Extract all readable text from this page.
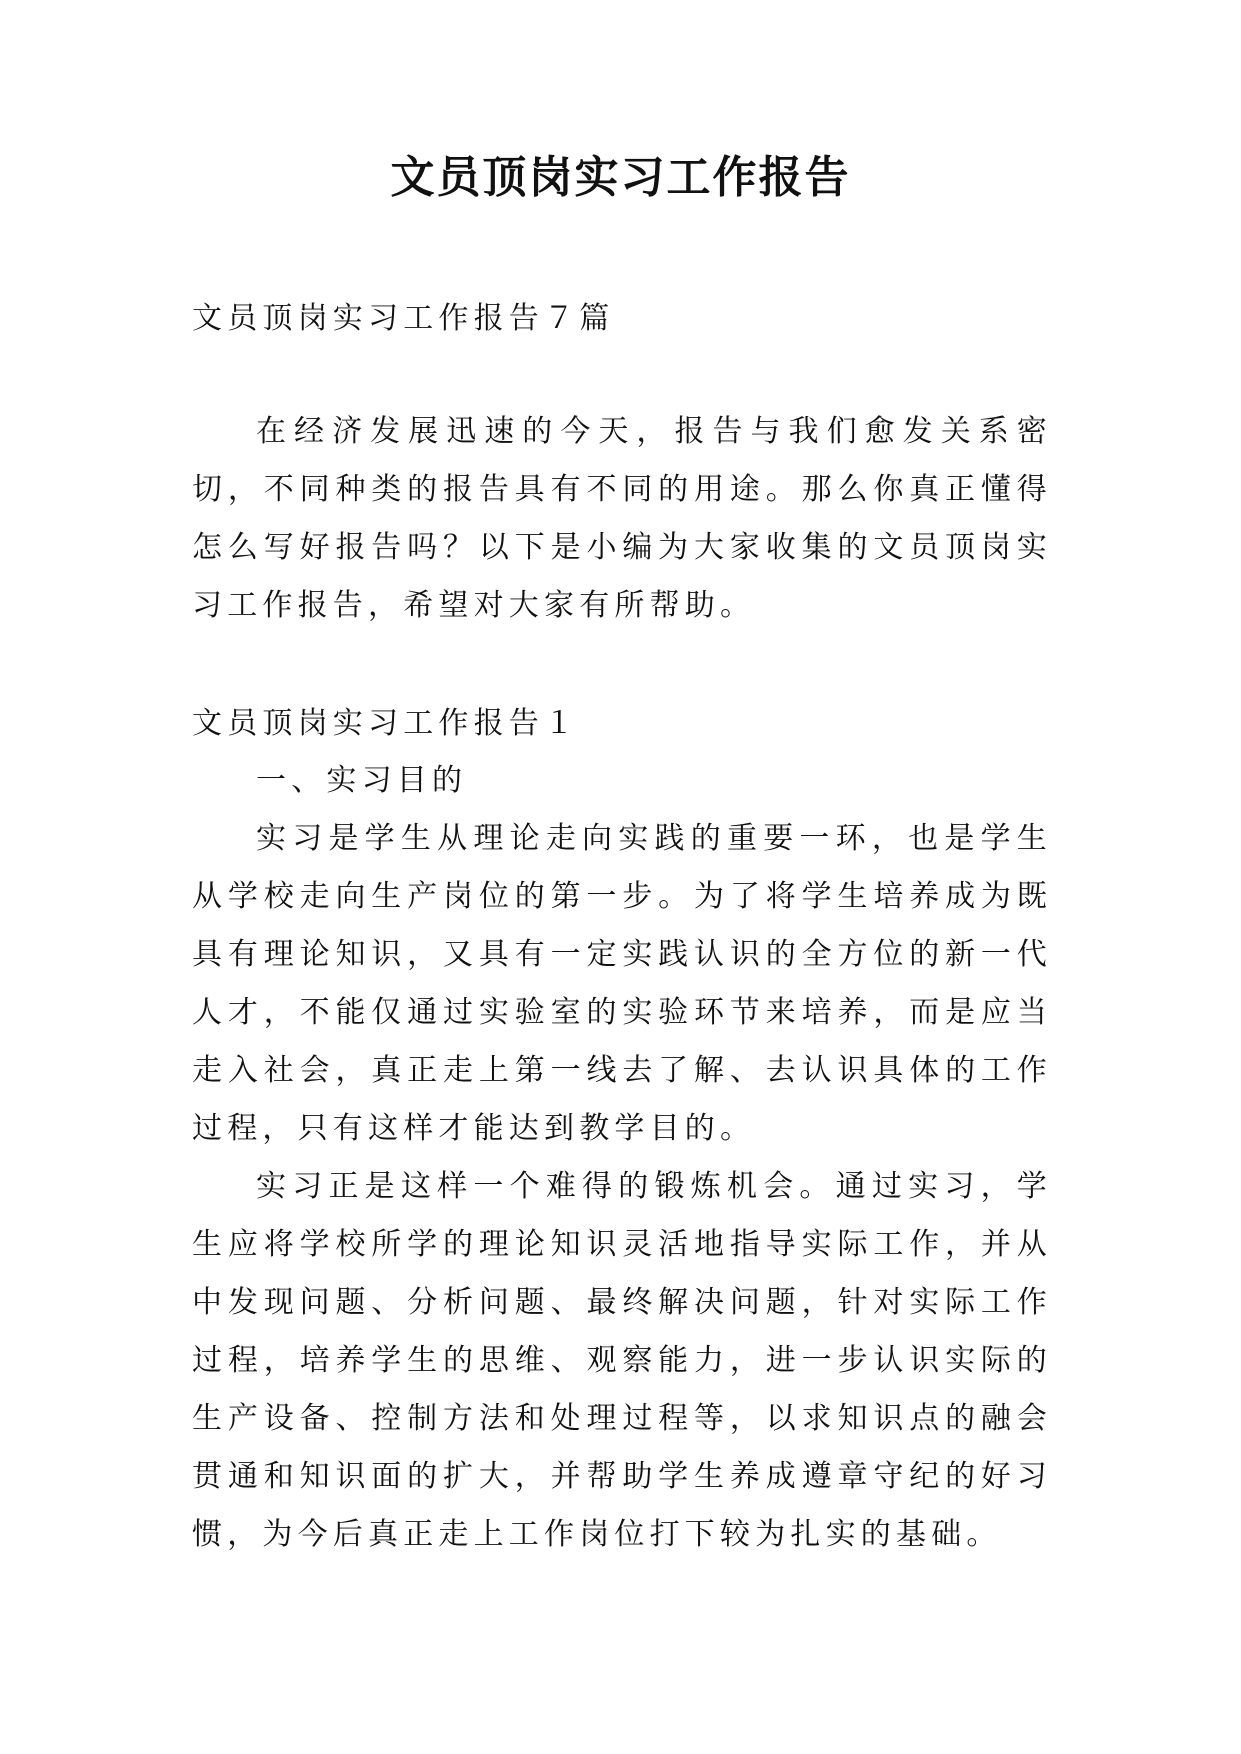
文员顶岗实习工作报告
文员顶岗实习工作报告７篇
在经济发展迅速的今天，报告与我们愈发关系密切，不同种类的报告具有不同的用途。那么你真正懂得怎么写好报告吗？以下是小编为大家收集的文员顶岗实习工作报告，希望对大家有所帮助。
文员顶岗实习工作报告１

一、实习目的

实习是学生从理论走向实践的重要一环，也是学生从学校走向生产岗位的第一步。为了将学生培养成为既具有理论知识，又具有一定实践认识的全方位的新一代人才，不能仅通过实验室的实验环节来培养，而是应当走入社会，真正走上第一线去了解、去认识具体的工作过程，只有这样才能达到教学目的。

实习正是这样一个难得的锻炼机会。通过实习，学生应将学校所学的理论知识灵活地指导实际工作，并从中发现问题、分析问题、最终解决问题，针对实际工作过程，培养学生的思维、观察能力，进一步认识实际的生产设备、控制方法和处理过程等，以求知识点的融会贯通和知识面的扩大，并帮助学生养成遵章守纪的好习惯，为今后真正走上工作岗位打下较为扎实的基础。
